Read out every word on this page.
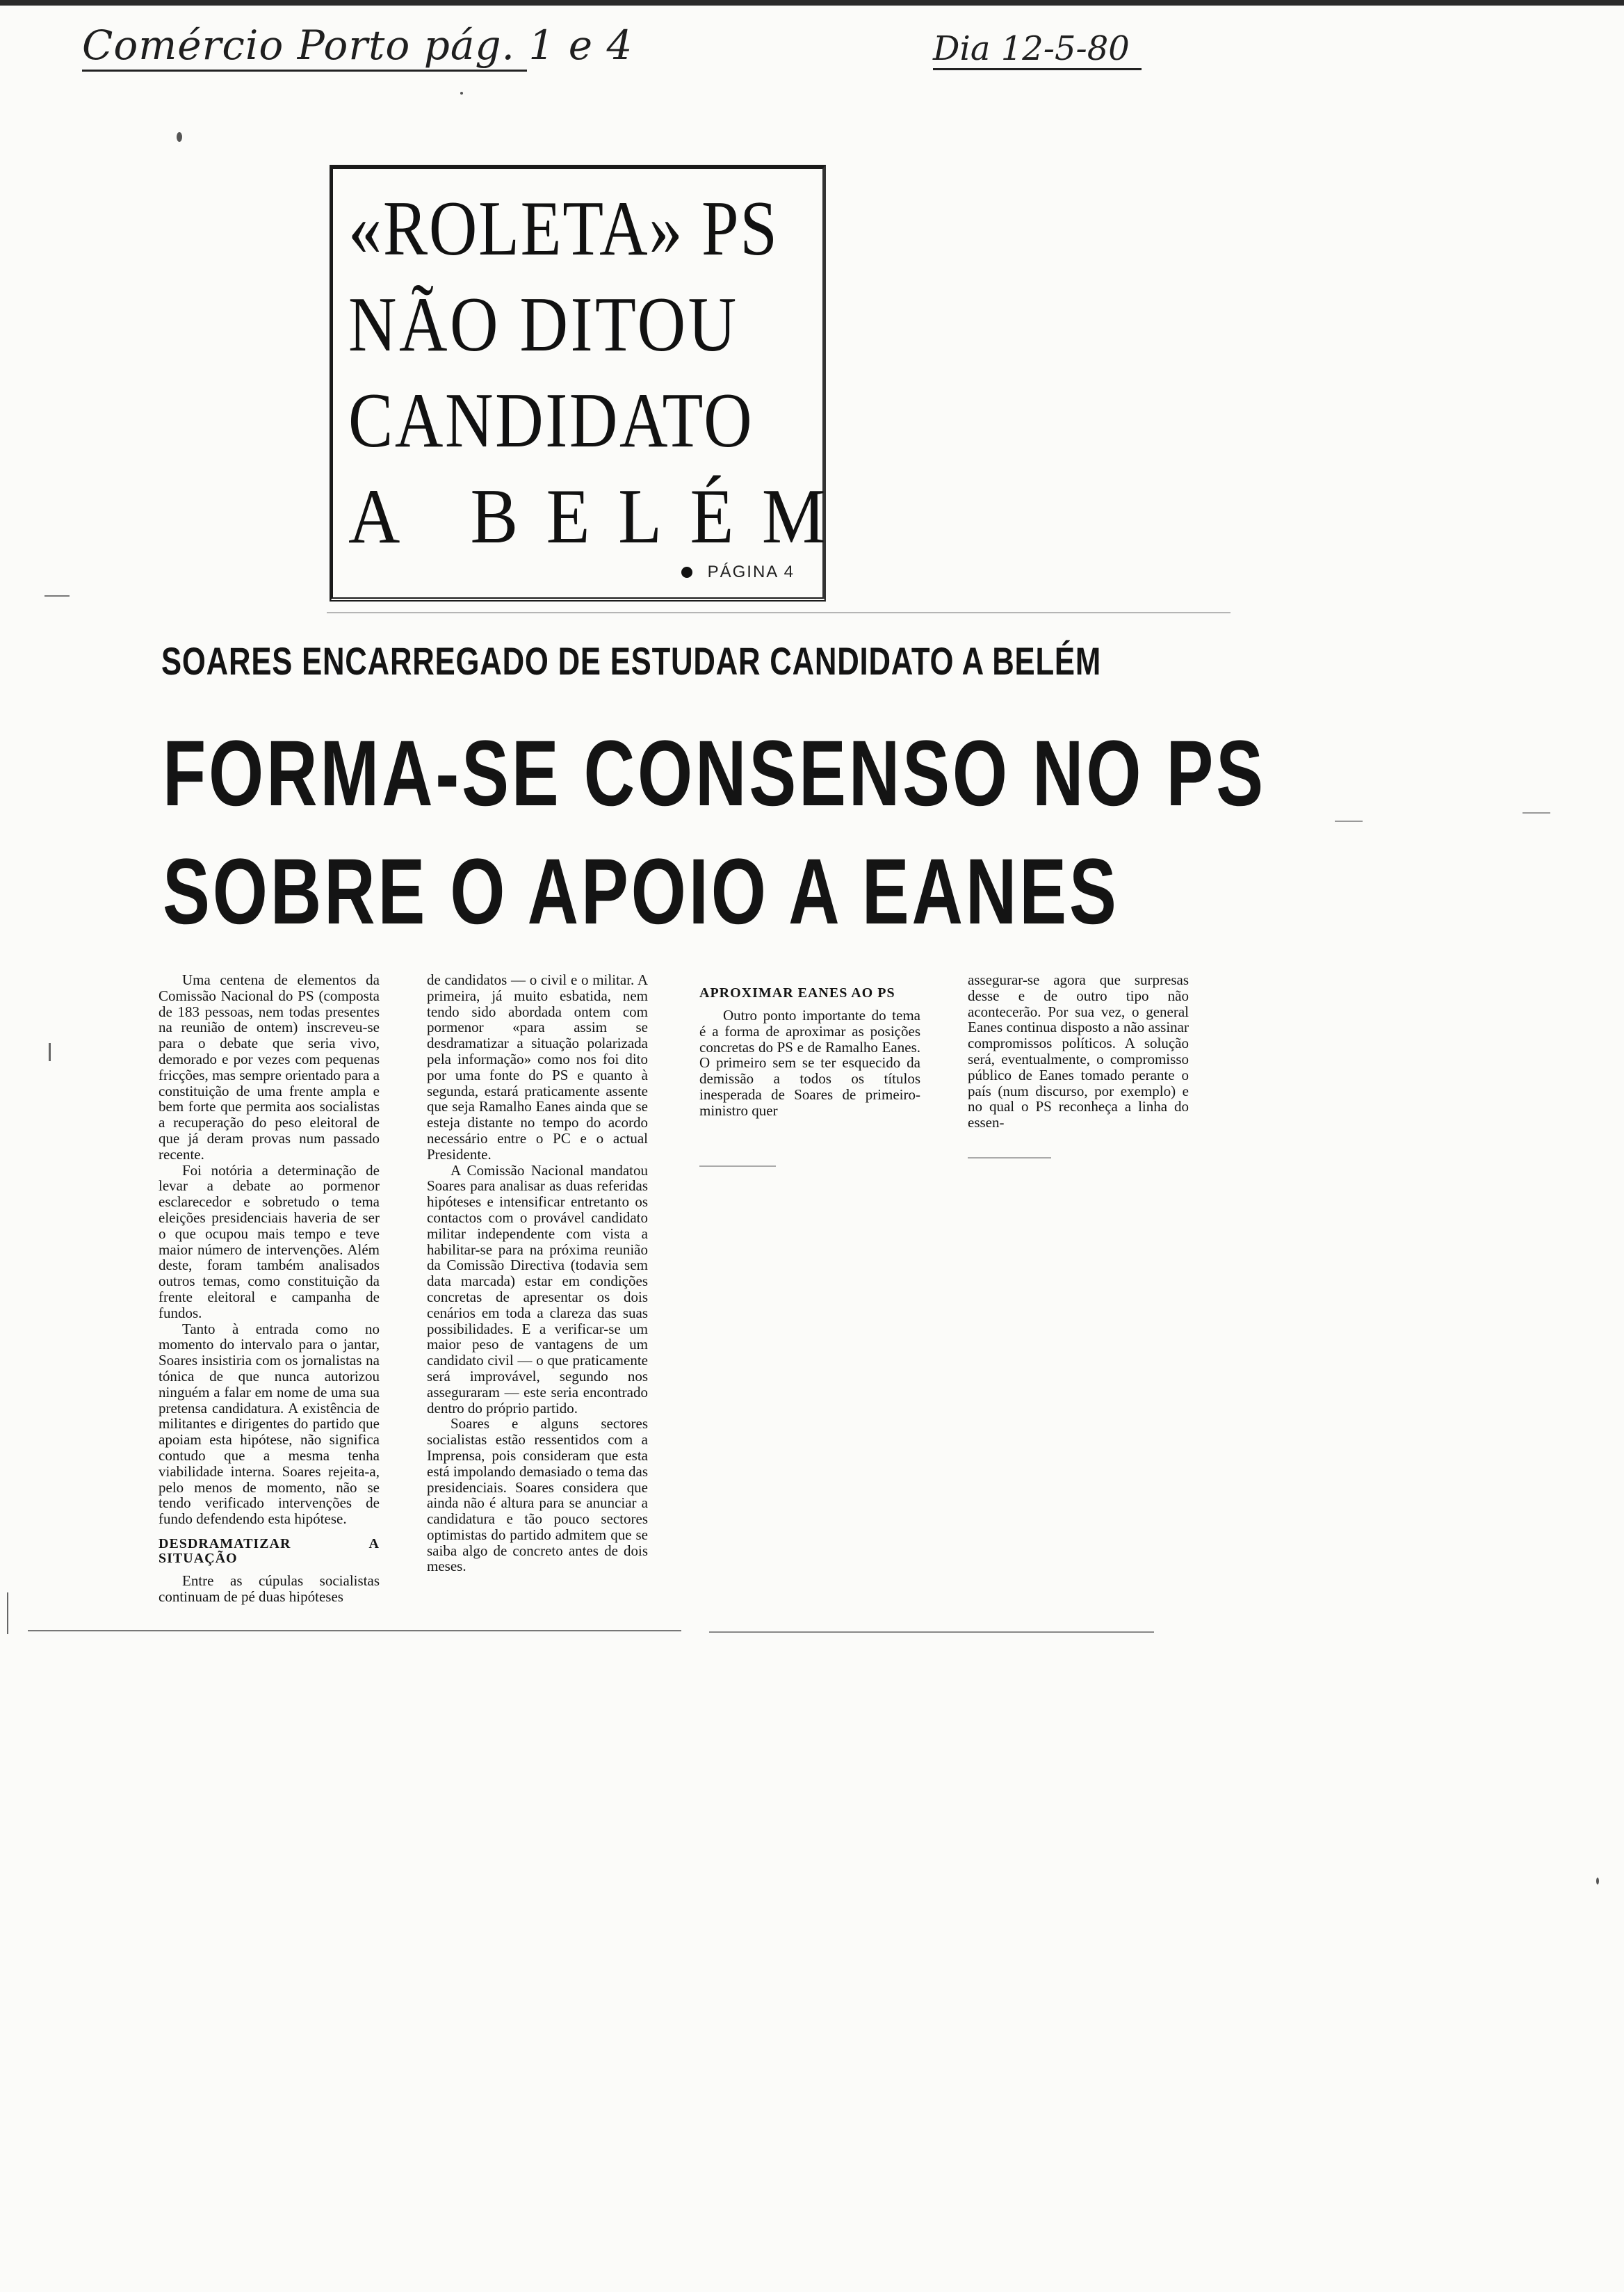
Comércio Porto pág. 1 e 4	Dia 12-5-80
«ROLETA» PS
NÃO DITOU
CANDIDATO
A BELÉM
PÁGINA 4
SOARES ENCARREGADO DE ESTUDAR CANDIDATO A BELÉM
FORMA-SE CONSENSO NO PS
SOBRE O APOIO A EANES

Uma centena de elementos da Comissão Nacional do PS (composta de 183 pessoas, nem todas presentes na reunião de ontem) inscreveu-se para o debate que seria vivo, demorado e por vezes com pequenas fricções, mas sempre orientado para a constituição de uma frente ampla e bem forte que permita aos socialistas a recuperação do peso eleitoral de que já deram provas num passado recente.

Foi notória a determinação de levar a debate ao pormenor esclarecedor e sobretudo o tema eleições presidenciais haveria de ser o que ocupou mais tempo e teve maior número de intervenções. Além deste, foram também analisados outros temas, como constituição da frente eleitoral e campanha de fundos.

Tanto à entrada como no momento do intervalo para o jantar, Soares insistiria com os jornalistas na tónica de que nunca autorizou ninguém a falar em nome de uma sua pretensa candidatura. A existência de militantes e dirigentes do partido que apoiam esta hipótese, não significa contudo que a mesma tenha viabilidade interna. Soares rejeita-a, pelo menos de momento, não se tendo verificado intervenções de fundo defendendo esta hipótese.

DESDRAMATIZAR A SITUAÇÃO

Entre as cúpulas socialistas continuam de pé duas hipóteses

de candidatos — o civil e o militar. A primeira, já muito esbatida, nem tendo sido abordada ontem com pormenor «para assim se desdramatizar a situação polarizada pela informação» como nos foi dito por uma fonte do PS e quanto à segunda, estará praticamente assente que seja Ramalho Eanes ainda que se esteja distante no tempo do acordo necessário entre o PC e o actual Presidente.

A Comissão Nacional mandatou Soares para analisar as duas referidas hipóteses e intensificar entretanto os contactos com o provável candidato militar independente com vista a habilitar-se para na próxima reunião da Comissão Directiva (todavia sem data marcada) estar em condições concretas de apresentar os dois cenários em toda a clareza das suas possibilidades. E a verificar-se um maior peso de vantagens de um candidato civil — o que praticamente será improvável, segundo nos asseguraram — este seria encontrado dentro do próprio partido.

Soares e alguns sectores socialistas estão ressentidos com a Imprensa, pois consideram que esta está impolando demasiado o tema das presidenciais. Soares considera que ainda não é altura para se anunciar a candidatura e tão pouco sectores optimistas do partido admitem que se saiba algo de concreto antes de dois meses.

APROXIMAR EANES AO PS

Outro ponto importante do tema é a forma de aproximar as posições concretas do PS e de Ramalho Eanes. O primeiro sem se ter esquecido da demissão a todos os títulos inesperada de Soares de primeiro-ministro quer

assegurar-se agora que surpresas desse e de outro tipo não acontecerão. Por sua vez, o general Eanes continua disposto a não assinar compromissos políticos. A solução será, eventualmente, o compromisso público de Eanes tomado perante o país (num discurso, por exemplo) e no qual o PS reconheça a linha do essen-
